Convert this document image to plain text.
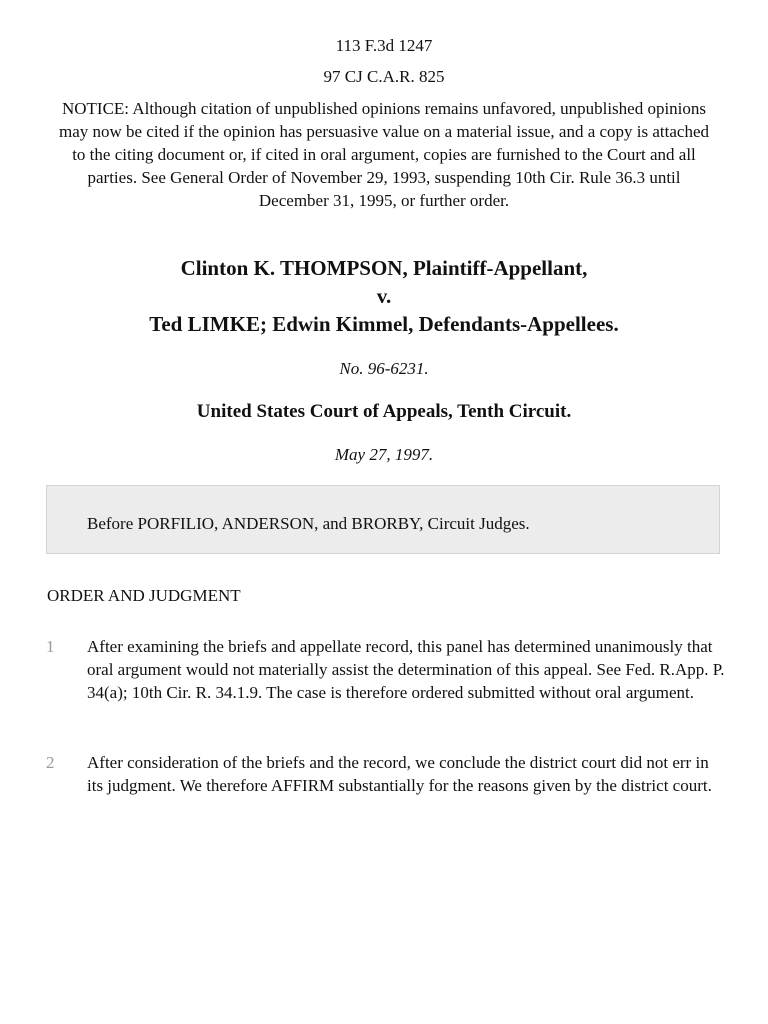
113 F.3d 1247
97 CJ C.A.R. 825
NOTICE: Although citation of unpublished opinions remains unfavored, unpublished opinions may now be cited if the opinion has persuasive value on a material issue, and a copy is attached to the citing document or, if cited in oral argument, copies are furnished to the Court and all parties. See General Order of November 29, 1993, suspending 10th Cir. Rule 36.3 until December 31, 1995, or further order.
Clinton K. THOMPSON, Plaintiff-Appellant,
v.
Ted LIMKE; Edwin Kimmel, Defendants-Appellees.
No. 96-6231.
United States Court of Appeals, Tenth Circuit.
May 27, 1997.
Before PORFILIO, ANDERSON, and BRORBY, Circuit Judges.
ORDER AND JUDGMENT
1 After examining the briefs and appellate record, this panel has determined unanimously that oral argument would not materially assist the determination of this appeal. See Fed. R.App. P. 34(a); 10th Cir. R. 34.1.9. The case is therefore ordered submitted without oral argument.
2 After consideration of the briefs and the record, we conclude the district court did not err in its judgment. We therefore AFFIRM substantially for the reasons given by the district court.
